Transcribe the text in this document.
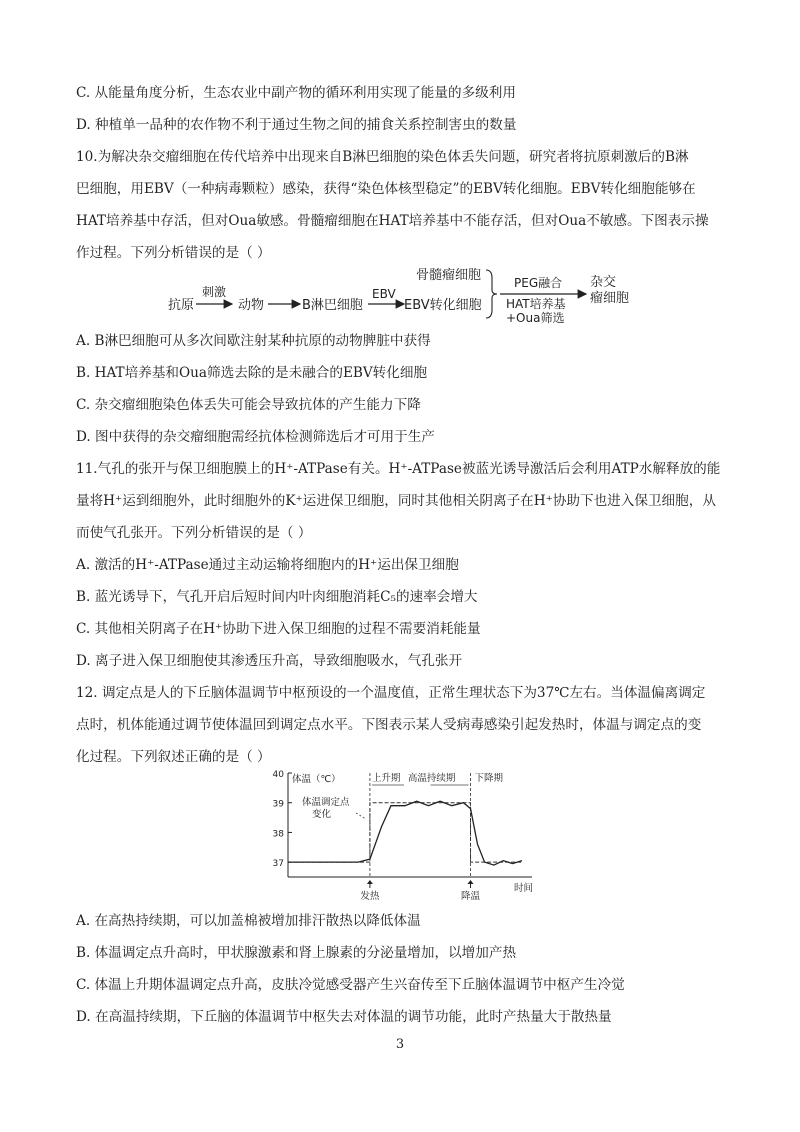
C. 从能量角度分析，生态农业中副产物的循环利用实现了能量的多级利用
D. 种植单一品种的农作物不利于通过生物之间的捕食关系控制害虫的数量
10.为解决杂交瘤细胞在传代培养中出现来自B淋巴细胞的染色体丢失问题，研究者将抗原刺激后的B淋
巴细胞，用EBV（一种病毒颗粒）感染，获得“染色体核型稳定”的EBV转化细胞。EBV转化细胞能够在
HAT培养基中存活，但对Oua敏感。骨髓瘤细胞在HAT培养基中不能存活，但对Oua不敏感。下图表示操
作过程。下列分析错误的是（ ）
A. B淋巴细胞可从多次间歇注射某种抗原的动物脾脏中获得
B. HAT培养基和Oua筛选去除的是未融合的EBV转化细胞
C. 杂交瘤细胞染色体丢失可能会导致抗体的产生能力下降
D. 图中获得的杂交瘤细胞需经抗体检测筛选后才可用于生产
11.气孔的张开与保卫细胞膜上的H⁺-ATPase有关。H⁺-ATPase被蓝光诱导激活后会利用ATP水解释放的能
量将H⁺运到细胞外，此时细胞外的K⁺运进保卫细胞，同时其他相关阴离子在H⁺协助下也进入保卫细胞，从
而使气孔张开。下列分析错误的是（ ）
A. 激活的H⁺-ATPase通过主动运输将细胞内的H⁺运出保卫细胞
B. 蓝光诱导下，气孔开启后短时间内叶肉细胞消耗C₅的速率会增大
C. 其他相关阴离子在H⁺协助下进入保卫细胞的过程不需要消耗能量
D. 离子进入保卫细胞使其渗透压升高，导致细胞吸水，气孔张开
12. 调定点是人的下丘脑体温调节中枢预设的一个温度值，正常生理状态下为37℃左右。当体温偏离调定
点时，机体能通过调节使体温回到调定点水平。下图表示某人受病毒感染引起发热时，体温与调定点的变
化过程。下列叙述正确的是（ ）
A. 在高热持续期，可以加盖棉被增加排汗散热以降低体温
B. 体温调定点升高时，甲状腺激素和肾上腺素的分泌量增加，以增加产热
C. 体温上升期体温调定点升高，皮肤冷觉感受器产生兴奋传至下丘脑体温调节中枢产生冷觉
D. 在高温持续期，下丘脑的体温调节中枢失去对体温的调节功能，此时产热量大于散热量
抗原
刺激
动物	B淋巴细胞
EBV
EBV转化细胞
骨髓瘤细胞	PEG融合
HAT培养基
+Oua筛选
杂交
瘤细胞
37
38
39
40 体温（℃）
时间
上升期 高温持续期 下降期
体温调定点
变化
发热	降温
3
